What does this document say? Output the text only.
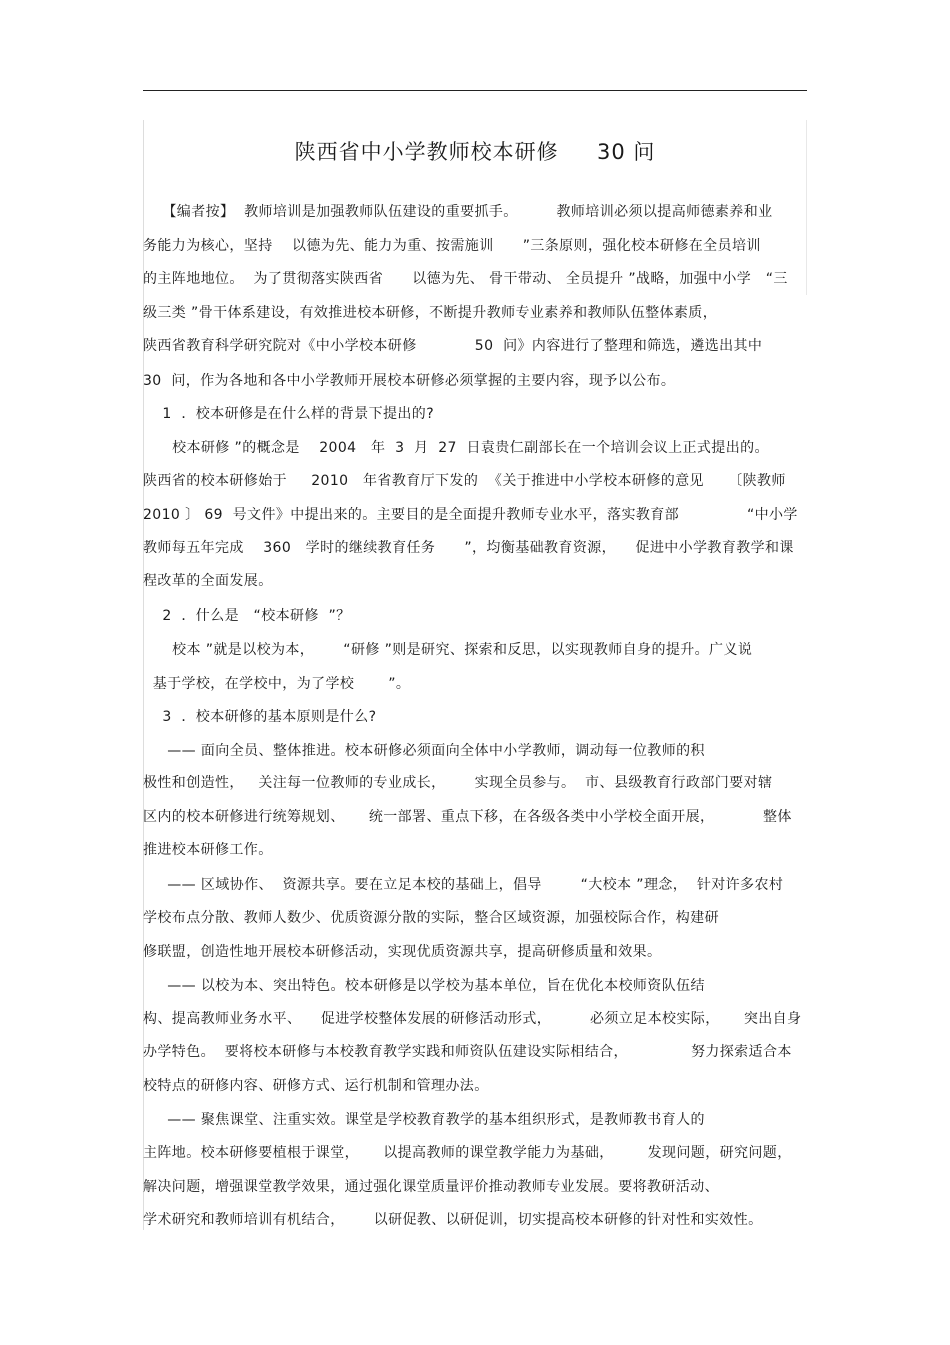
陕西省中小学教师校本研修     30 问
【编者按】  教师培训是加强教师队伍建设的重要抓手。        教师培训必须以提高师德素养和业
务能力为核心，坚持    以德为先、能力为重、按需施训      ”三条原则，强化校本研修在全员培训
的主阵地地位。  为了贯彻落实陕西省      以德为先、 骨干带动、 全员提升 ”战略，加强中小学   “三
级三类 ”骨干体系建设，有效推进校本研修，不断提升教师专业素养和教师队伍整体素质，
陕西省教育科学研究院对《中小学校本研修            50  问》内容进行了整理和筛选，遴选出其中
30  问，作为各地和各中小学教师开展校本研修必须掌握的主要内容，现予以公布。
1  ．校本研修是在什么样的背景下提出的?
校本研修 ”的概念是    2004   年  3  月  27  日袁贵仁副部长在一个培训会议上正式提出的。
陕西省的校本研修始于     2010   年省教育厅下发的  《关于推进中小学校本研修的意见     〔陕教师
2010 〕 69  号文件》中提出来的。主要目的是全面提升教师专业水平，落实教育部              “中小学
教师每五年完成    360   学时的继续教育任务      ”，均衡基础教育资源，    促进中小学教育教学和课
程改革的全面发展。
2  ．什么是   “校本研修  ”？
校本 ”就是以校为本，      “研修 ”则是研究、探索和反思，以实现教师自身的提升。广义说
基于学校，在学校中，为了学校       ”。
3  ．校本研修的基本原则是什么?
—— 面向全员、整体推进。校本研修必须面向全体中小学教师，调动每一位教师的积
极性和创造性，   关注每一位教师的专业成长，      实现全员参与。  市、县级教育行政部门要对辖
区内的校本研修进行统筹规划、     统一部署、重点下移，在各级各类中小学校全面开展，          整体
推进校本研修工作。
—— 区域协作、  资源共享。要在立足本校的基础上，倡导        “大校本 ”理念，  针对许多农村
学校布点分散、教师人数少、优质资源分散的实际，整合区域资源，加强校际合作，构建研
修联盟，创造性地开展校本研修活动，实现优质资源共享，提高研修质量和效果。
—— 以校为本、突出特色。校本研修是以学校为基本单位，旨在优化本校师资队伍结
构、提高教师业务水平、    促进学校整体发展的研修活动形式，        必须立足本校实际，     突出自身
办学特色。  要将校本研修与本校教育教学实践和师资队伍建设实际相结合，             努力探索适合本
校特点的研修内容、研修方式、运行机制和管理办法。
—— 聚焦课堂、注重实效。课堂是学校教育教学的基本组织形式，是教师教书育人的
主阵地。校本研修要植根于课堂，     以提高教师的课堂教学能力为基础，       发现问题，研究问题，
解决问题，增强课堂教学效果，通过强化课堂质量评价推动教师专业发展。要将教研活动、
学术研究和教师培训有机结合，      以研促教、以研促训，切实提高校本研修的针对性和实效性。
